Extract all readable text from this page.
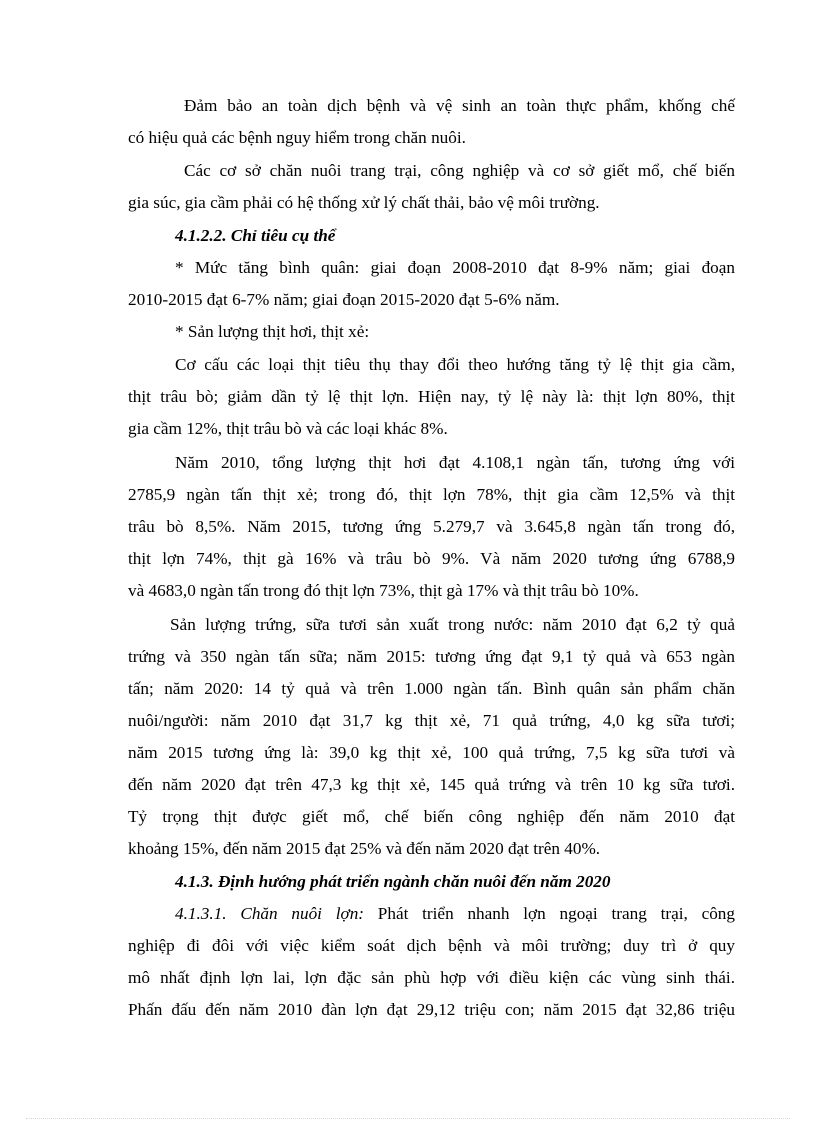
Đảm bảo an toàn dịch bệnh và vệ sinh an toàn thực phẩm, khống chế
có hiệu quả các bệnh nguy hiểm trong chăn nuôi.
Các cơ sở chăn nuôi trang trại, công nghiệp và cơ sở giết mổ, chế biến
gia súc, gia cầm phải có hệ thống xử lý chất thải, bảo vệ môi trường.
4.1.2.2. Chỉ tiêu cụ thể
* Mức tăng bình quân: giai đoạn 2008-2010 đạt 8-9% năm; giai đoạn
2010-2015 đạt 6-7% năm; giai đoạn 2015-2020 đạt 5-6% năm.
* Sản lượng thịt hơi, thịt xẻ:
Cơ cấu các loại thịt tiêu thụ thay đổi theo hướng tăng tỷ lệ thịt gia cầm,
thịt trâu bò; giảm dần tỷ lệ thịt lợn. Hiện nay, tỷ lệ này là: thịt lợn 80%, thịt
gia cầm 12%, thịt trâu bò và các loại khác 8%.
Năm 2010, tổng lượng thịt hơi đạt 4.108,1 ngàn tấn, tương ứng với
2785,9 ngàn tấn thịt xẻ; trong đó, thịt lợn 78%, thịt gia cầm 12,5% và thịt
trâu bò 8,5%. Năm 2015, tương ứng 5.279,7 và 3.645,8 ngàn tấn trong đó,
thịt lợn 74%, thịt gà 16% và trâu bò 9%. Và năm 2020 tương ứng 6788,9
và 4683,0 ngàn tấn trong đó thịt lợn 73%, thịt gà 17% và thịt trâu bò 10%.
Sản lượng trứng, sữa tươi sản xuất trong nước: năm 2010 đạt 6,2 tỷ quả
trứng và 350 ngàn tấn sữa; năm 2015: tương ứng đạt 9,1 tỷ quả và 653 ngàn
tấn; năm 2020: 14 tỷ quả và trên 1.000 ngàn tấn. Bình quân sản phẩm chăn
nuôi/người: năm 2010 đạt 31,7 kg thịt xẻ, 71 quả trứng, 4,0 kg sữa tươi;
năm 2015 tương ứng là: 39,0 kg thịt xẻ, 100 quả trứng, 7,5 kg sữa tươi và
đến năm 2020 đạt trên 47,3 kg thịt xẻ, 145 quả trứng và trên 10 kg sữa tươi.
Tỷ trọng thịt được giết mổ, chế biến công nghiệp đến năm 2010 đạt
khoảng 15%, đến năm 2015 đạt 25% và đến năm 2020 đạt trên 40%.
4.1.3. Định hướng phát triển ngành chăn nuôi đến năm 2020
4.1.3.1. Chăn nuôi lợn: Phát triển nhanh lợn ngoại trang trại, công
nghiệp đi đôi với việc kiểm soát dịch bệnh và môi trường; duy trì ở quy
mô nhất định lợn lai, lợn đặc sản phù hợp với điều kiện các vùng sinh thái.
Phấn đấu đến năm 2010 đàn lợn đạt 29,12 triệu con; năm 2015 đạt 32,86 triệu
